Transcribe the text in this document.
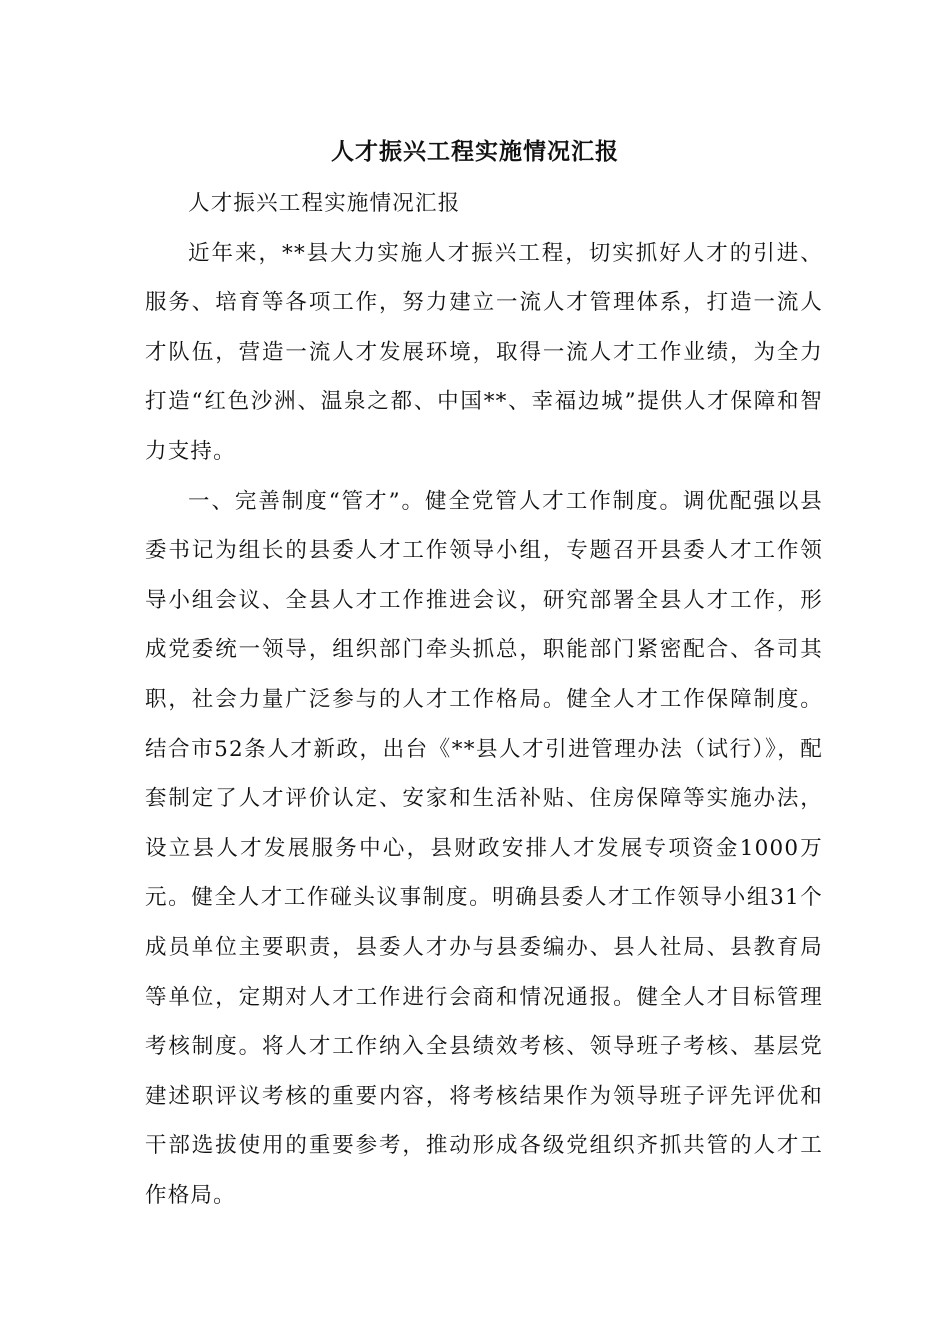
人才振兴工程实施情况汇报

人才振兴工程实施情况汇报

近年来，**县大力实施人才振兴工程，切实抓好人才的引进、服务、培育等各项工作，努力建立一流人才管理体系，打造一流人才队伍，营造一流人才发展环境，取得一流人才工作业绩，为全力打造“红色沙洲、温泉之都、中国**、幸福边城”提供人才保障和智力支持。

一、完善制度“管才”。健全党管人才工作制度。调优配强以县委书记为组长的县委人才工作领导小组，专题召开县委人才工作领导小组会议、全县人才工作推进会议，研究部署全县人才工作，形成党委统一领导，组织部门牵头抓总，职能部门紧密配合、各司其职，社会力量广泛参与的人才工作格局。健全人才工作保障制度。结合市52条人才新政，出台《**县人才引进管理办法（试行）》，配套制定了人才评价认定、安家和生活补贴、住房保障等实施办法，设立县人才发展服务中心，县财政安排人才发展专项资金1000万元。健全人才工作碰头议事制度。明确县委人才工作领导小组31个成员单位主要职责，县委人才办与县委编办、县人社局、县教育局等单位，定期对人才工作进行会商和情况通报。健全人才目标管理考核制度。将人才工作纳入全县绩效考核、领导班子考核、基层党建述职评议考核的重要内容，将考核结果作为领导班子评先评优和干部选拔使用的重要参考，推动形成各级党组织齐抓共管的人才工作格局。
